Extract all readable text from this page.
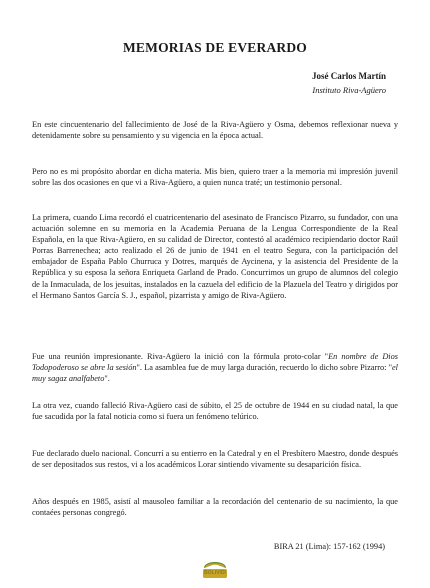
MEMORIAS DE EVERARDO
José Carlos Martín
Instituto Riva-Agüero

En este cincuentenario del fallecimiento de José de la Riva-Agüero y Osma, debemos reflexionar nueva y detenidamente sobre su pensamiento y su vigencia en la época actual.

Pero no es mi propósito abordar en dicha materia. Mis bien, quiero traer a la memoria mi impresión juvenil sobre las dos ocasiones en que vi a Riva-Agüero, a quien nunca traté; un testimonio personal.

La primera, cuando Lima recordó el cuatricentenario del asesinato de Francisco Pizarro, su fundador, con una actuación solemne en su memoria en la Academia Peruana de la Lengua Correspondiente de la Real Española, en la que Riva-Agüero, en su calidad de Director, contestó al académico recipiendario doctor Raúl Porras Barrenechea; acto realizado el 26 de junio de 1941 en el teatro Segura, con la participación del embajador de España Pablo Churruca y Dotres, marqués de Aycinena, y la asistencia del Presidente de la República y su esposa la señora Enriqueta Garland de Prado. Concurrimos un grupo de alumnos del colegio de la Inmaculada, de los jesuitas, instalados en la cazuela del edificio de la Plazuela del Teatro y dirigidos por el Hermano Santos García S. J., español, pizarrista y amigo de Riva-Agüero.

Fue una reunión impresionante. Riva-Agüero la inició con la fórmula proto-colar "En nombre de Dios Todopoderoso se abre la sesión". La asamblea fue de muy larga duración, recuerdo lo dicho sobre Pizarro: "el muy sagaz analfabeto".

La otra vez, cuando falleció Riva-Agüero casi de súbito, el 25 de octubre de 1944 en su ciudad natal, la que fue sacudida por la fatal noticia como si fuera un fenómeno telúrico.

Fue declarado duelo nacional. Concurrí a su entierro en la Catedral y en el Presbítero Maestro, donde después de ser depositados sus restos, vi a los académicos Lorar sintiendo vivamente su desaparición física.

Años después en 1985, asistí al mausoleo familiar a la recordación del centenario de su nacimiento, la que contaées personas congregó.

BIRA 21 (Lima): 157-162 (1994)
BOLIVIDI
